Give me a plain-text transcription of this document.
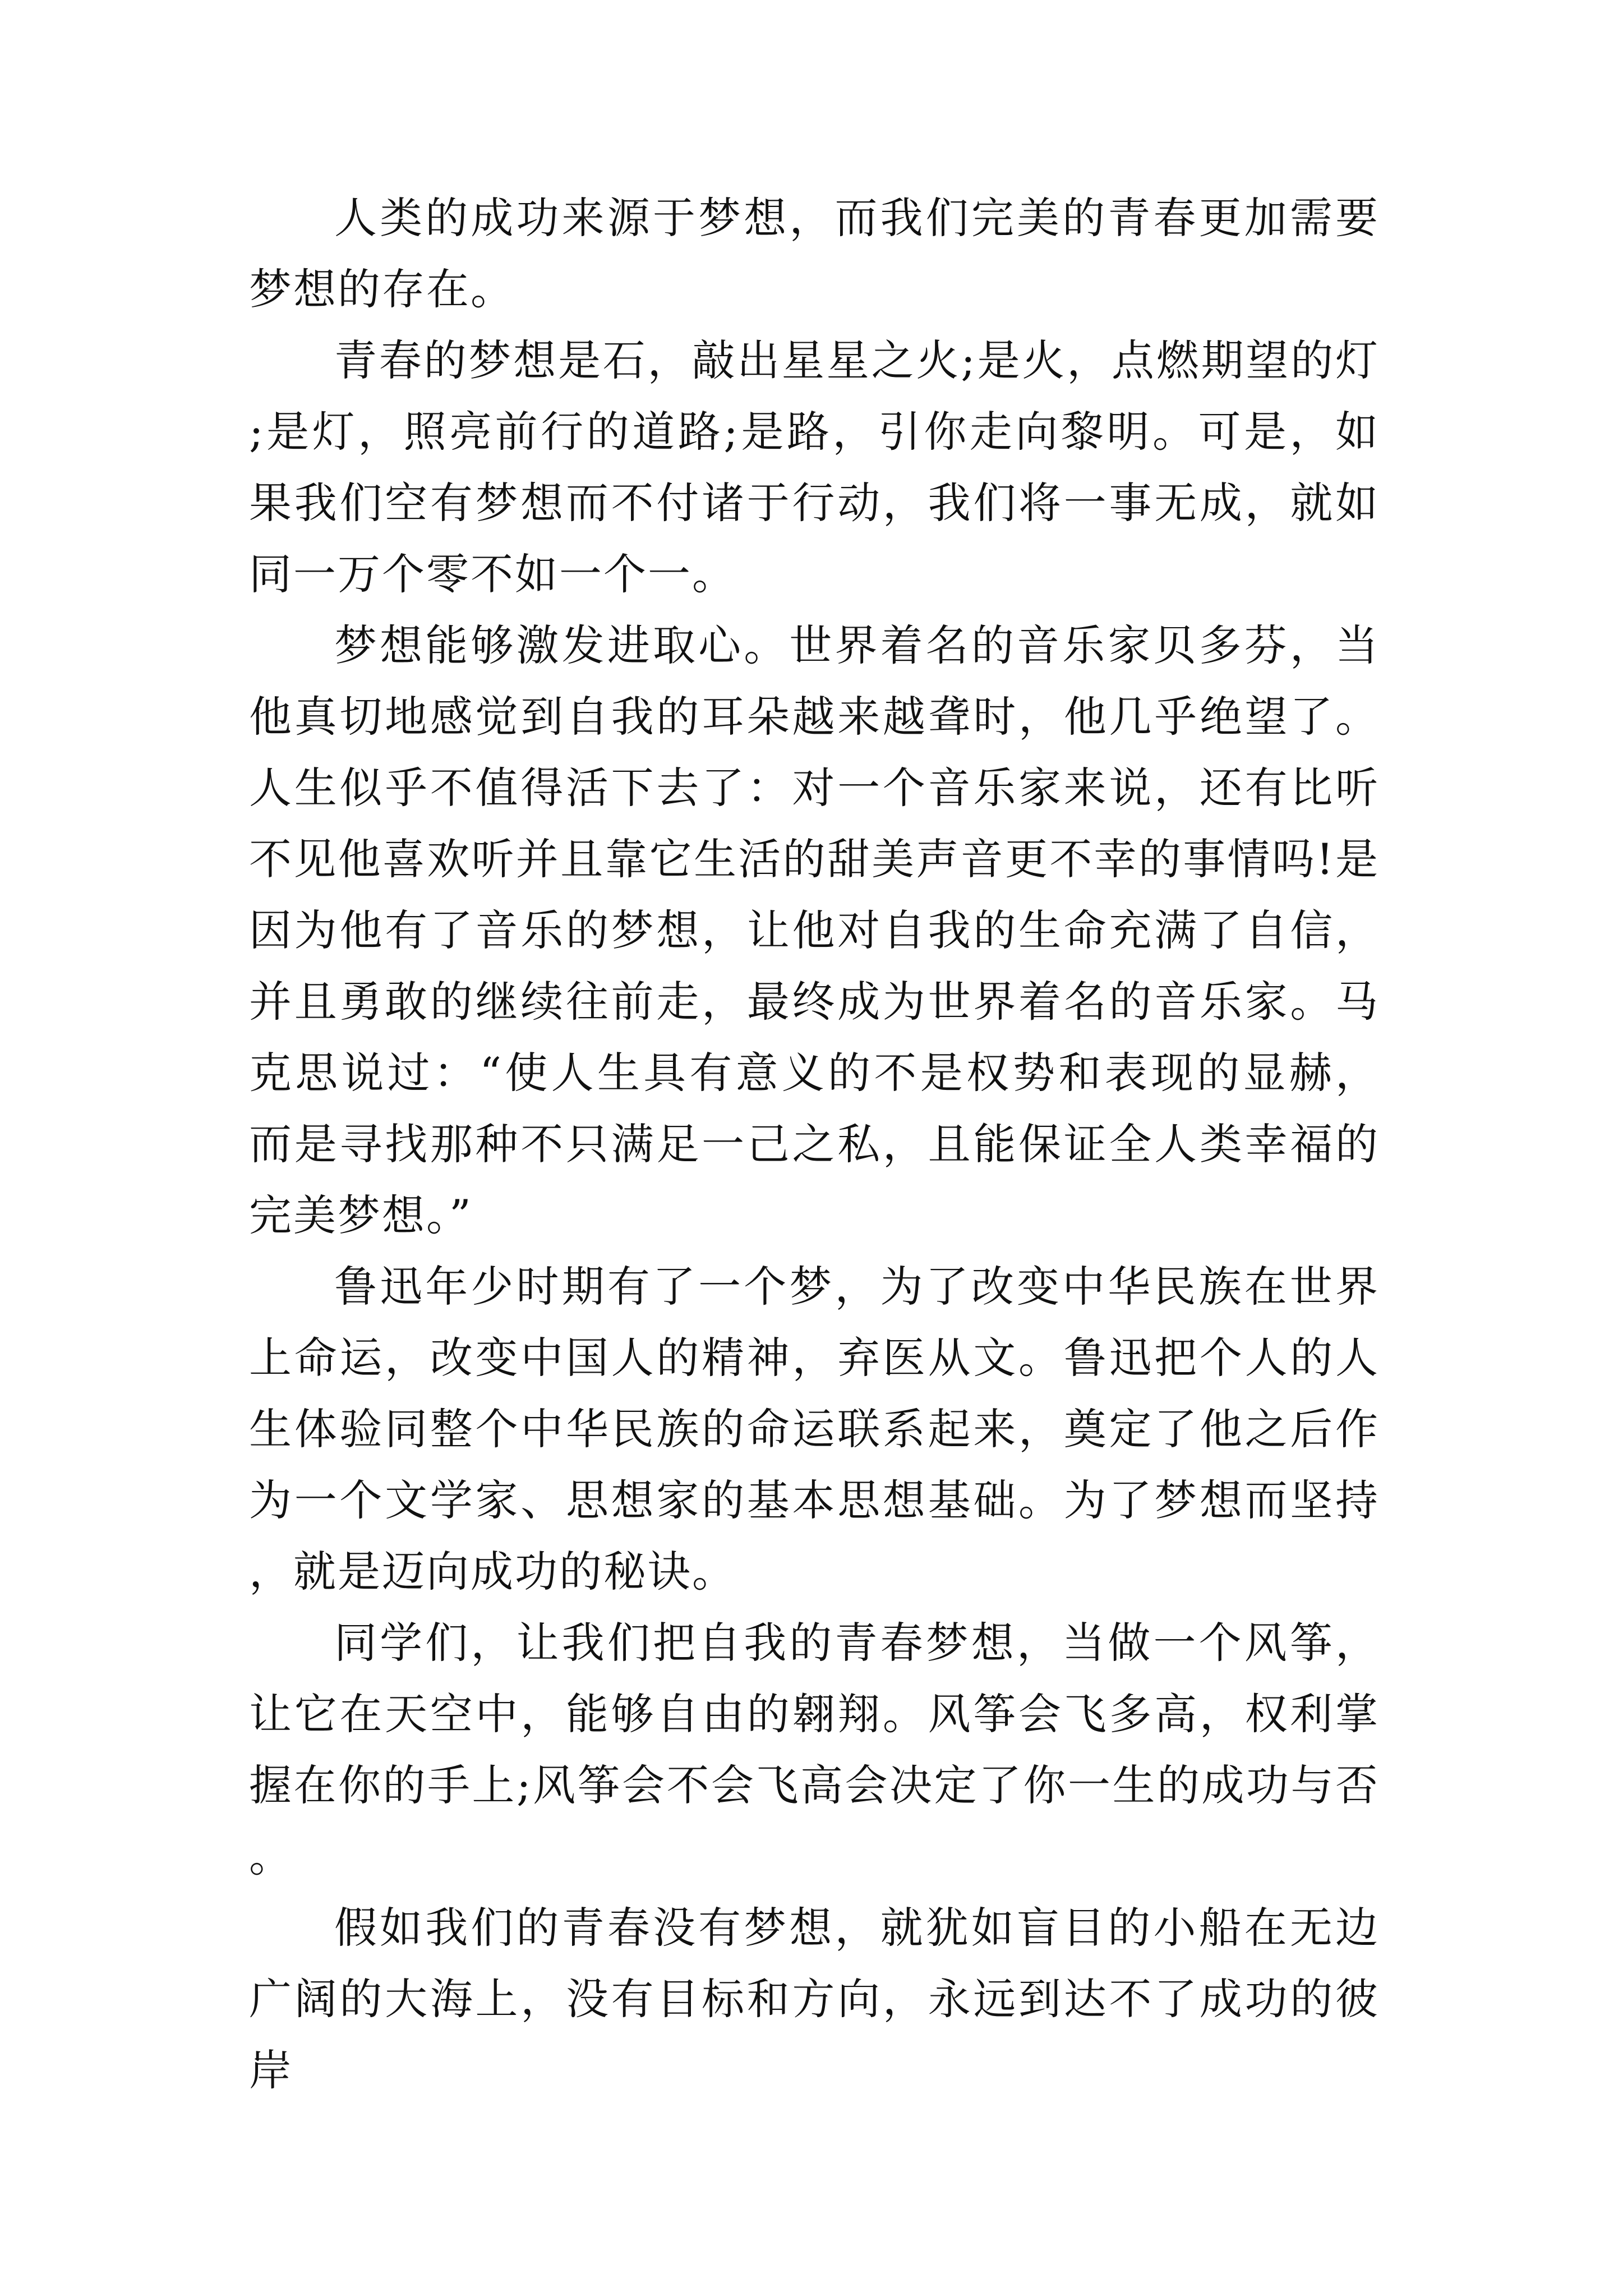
人类的成功来源于梦想，而我们完美的青春更加需要梦想的存在。

青春的梦想是石，敲出星星之火;是火，点燃期望的灯;是灯，照亮前行的道路;是路，引你走向黎明。可是，如果我们空有梦想而不付诸于行动，我们将一事无成，就如同一万个零不如一个一。

梦想能够激发进取心。世界着名的音乐家贝多芬，当他真切地感觉到自我的耳朵越来越聋时，他几乎绝望了。人生似乎不值得活下去了：对一个音乐家来说，还有比听不见他喜欢听并且靠它生活的甜美声音更不幸的事情吗!是因为他有了音乐的梦想，让他对自我的生命充满了自信，并且勇敢的继续往前走，最终成为世界着名的音乐家。马克思说过：“使人生具有意义的不是权势和表现的显赫，而是寻找那种不只满足一己之私，且能保证全人类幸福的完美梦想。”

鲁迅年少时期有了一个梦，为了改变中华民族在世界上命运，改变中国人的精神，弃医从文。鲁迅把个人的人生体验同整个中华民族的命运联系起来，奠定了他之后作为一个文学家、思想家的基本思想基础。为了梦想而坚持，就是迈向成功的秘诀。

同学们，让我们把自我的青春梦想，当做一个风筝，让它在天空中，能够自由的翱翔。风筝会飞多高，权利掌握在你的手上;风筝会不会飞高会决定了你一生的成功与否。

假如我们的青春没有梦想，就犹如盲目的小船在无边广阔的大海上，没有目标和方向，永远到达不了成功的彼岸
